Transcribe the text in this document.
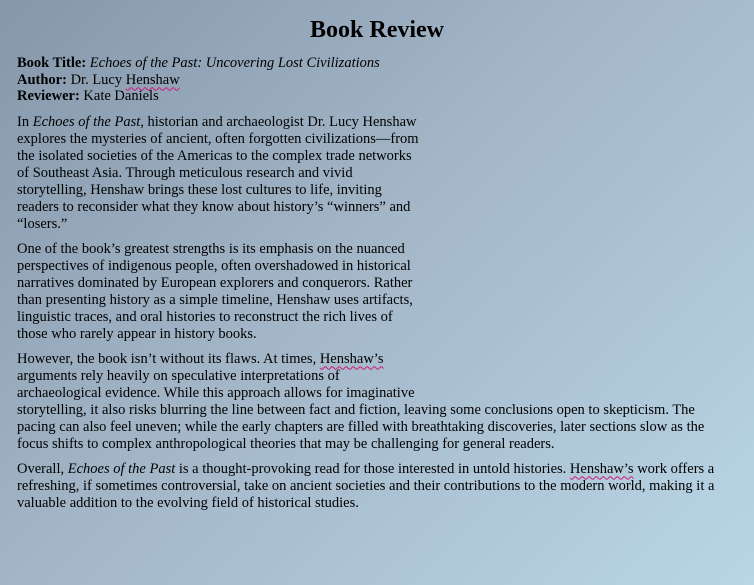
Book Review
Book Title: Echoes of the Past: Uncovering Lost Civilizations
Author: Dr. Lucy Henshaw
Reviewer: Kate Daniels

In Echoes of the Past, historian and archaeologist Dr. Lucy Henshaw
explores the mysteries of ancient, often forgotten civilizations—from
the isolated societies of the Americas to the complex trade networks
of Southeast Asia. Through meticulous research and vivid
storytelling, Henshaw brings these lost cultures to life, inviting
readers to reconsider what they know about history’s “winners” and
“losers.”

One of the book’s greatest strengths is its emphasis on the nuanced
perspectives of indigenous people, often overshadowed in historical
narratives dominated by European explorers and conquerors. Rather
than presenting history as a simple timeline, Henshaw uses artifacts,
linguistic traces, and oral histories to reconstruct the rich lives of
those who rarely appear in history books.

However, the book isn’t without its flaws. At times, Henshaw’s
arguments rely heavily on speculative interpretations of
archaeological evidence. While this approach allows for imaginative
storytelling, it also risks blurring the line between fact and fiction, leaving some conclusions open to skepticism. The
pacing can also feel uneven; while the early chapters are filled with breathtaking discoveries, later sections slow as the
focus shifts to complex anthropological theories that may be challenging for general readers.

Overall, Echoes of the Past is a thought-provoking read for those interested in untold histories. Henshaw’s work offers a
refreshing, if sometimes controversial, take on ancient societies and their contributions to the modern world, making it a
valuable addition to the evolving field of historical studies.
